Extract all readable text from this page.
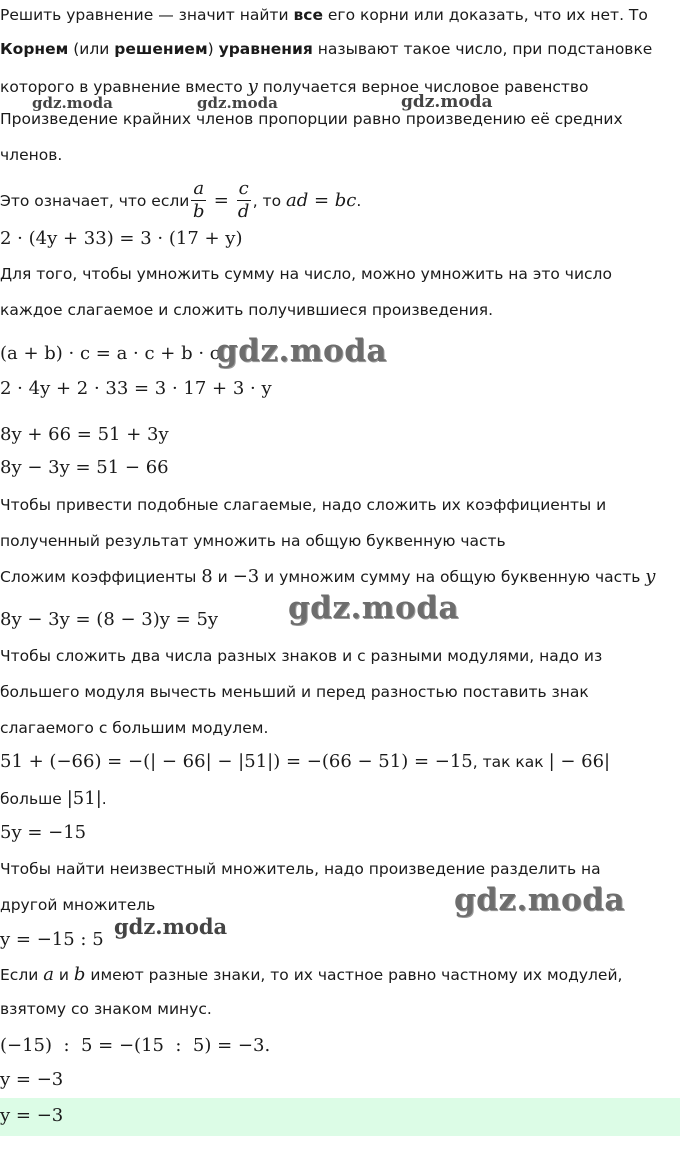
Решить уравнение — значит найти все его корни или доказать, что их нет. То
Корнем (или решением) уравнения называют такое число, при подстановке
которого в уравнение вместо y получается верное числовое равенство
Произведение крайних членов пропорции равно произведению её средних
членов.
Это означает, что если $\frac{a}{b} = \frac{c}{d}$ , то ad = bc .
2 · (4y + 33) = 3 · (17 + y)
Для того, чтобы умножить сумму на число, можно умножить на это число
каждое слагаемое и сложить получившиеся произведения.
(a + b) · c = a · c + b · c
2 · 4y + 2 · 33 = 3 · 17 + 3 · y
8y + 66 = 51 + 3y
8y − 3y = 51 − 66
Чтобы привести подобные слагаемые, надо сложить их коэффициенты и
полученный результат умножить на общую буквенную часть
Сложим коэффициенты 8 и −3 и умножим сумму на общую буквенную часть y
8y − 3y = (8 − 3)y = 5y
Чтобы сложить два числа разных знаков и с разными модулями, надо из
большего модуля вычесть меньший и перед разностью поставить знак
слагаемого с большим модулем.
51 + (−66) = −(| − 66| − |51|) = −(66 − 51) = −15, так как | − 66|
больше |51|.
5y = −15
Чтобы найти неизвестный множитель, надо произведение разделить на
другой множитель
y = −15 : 5
Если a и b имеют разные знаки, то их частное равно частному их модулей,
взятому со знаком минус.
(−15)  :  5 = −(15  :  5) = −3.
y = −3
y = −3
gdz.moda	gdz.moda	gdz.moda
gdz.moda
gdz.moda
gdz.moda
gdz.moda
